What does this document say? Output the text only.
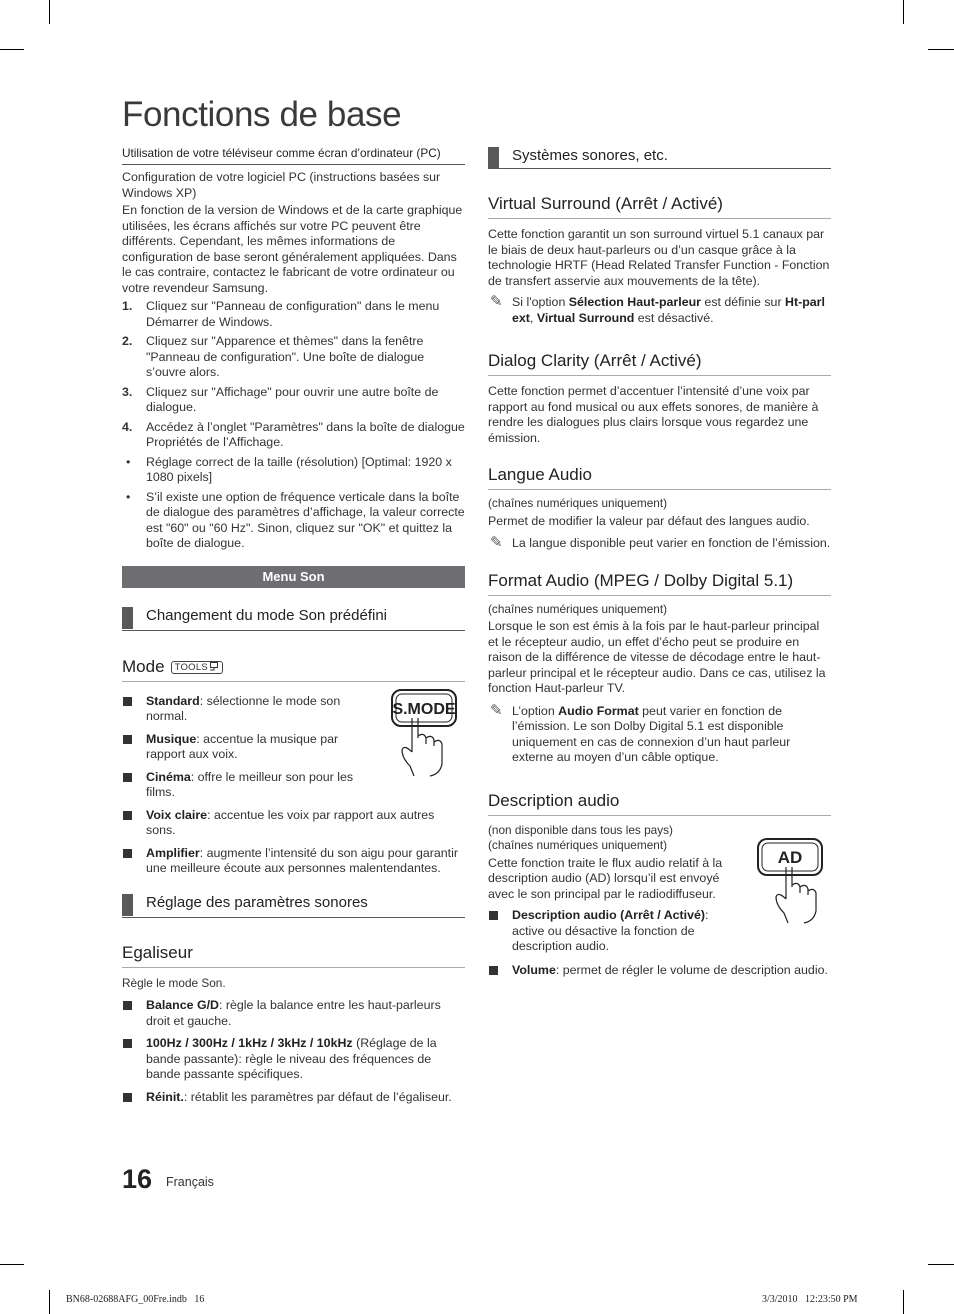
Fonctions de base
Utilisation de votre téléviseur comme écran d’ordinateur (PC)

Configuration de votre logiciel PC (instructions basées sur Windows XP)

En fonction de la version de Windows et de la carte graphique utilisées, les écrans affichés sur votre PC peuvent être différents. Cependant, les mêmes informations de configuration de base seront généralement appliquées. Dans le cas contraire, contactez le fabricant de votre ordinateur ou votre revendeur Samsung.

1. Cliquez sur "Panneau de configuration" dans le menu Démarrer de Windows.
2. Cliquez sur "Apparence et thèmes" dans la fenêtre "Panneau de configuration". Une boîte de dialogue s’ouvre alors.
3. Cliquez sur "Affichage" pour ouvrir une autre boîte de dialogue.
4. Accédez à l’onglet "Paramètres" dans la boîte de dialogue Propriétés de l’Affichage.
• Réglage correct de la taille (résolution) [Optimal: 1920 x 1080 pixels]
• S’il existe une option de fréquence verticale dans la boîte de dialogue des paramètres d’affichage, la valeur correcte est "60" ou "60 Hz". Sinon, cliquez sur "OK" et quittez la boîte de dialogue.
Menu Son
Changement du mode Son prédéfini
Mode TOOLS
Standard: sélectionne le mode son normal.
Musique: accentue la musique par rapport aux voix.
Cinéma: offre le meilleur son pour les films.
Voix claire: accentue les voix par rapport aux autres sons.
Amplifier: augmente l’intensité du son aigu pour garantir une meilleure écoute aux personnes malentendantes.
S.MODE
Réglage des paramètres sonores
Egaliseur

Règle le mode Son.

Balance G/D: règle la balance entre les haut-parleurs droit et gauche.
100Hz / 300Hz / 1kHz / 3kHz / 10kHz (Réglage de la bande passante): règle le niveau des fréquences de bande passante spécifiques.
Réinit.: rétablit les paramètres par défaut de l’égaliseur.
Systèmes sonores, etc.
Virtual Surround (Arrêt / Activé)

Cette fonction garantit un son surround virtuel 5.1 canaux par le biais de deux haut-parleurs ou d’un casque grâce à la technologie HRTF (Head Related Transfer Function - Fonction de transfert asservie aux mouvements de la tête).

✎ Si l'option Sélection Haut-parleur est définie sur Ht-parl ext, Virtual Surround est désactivé.
Dialog Clarity (Arrêt / Activé)

Cette fonction permet d’accentuer l’intensité d’une voix par rapport au fond musical ou aux effets sonores, de manière à rendre les dialogues plus clairs lorsque vous regardez une émission.

Langue Audio

(chaînes numériques uniquement)

Permet de modifier la valeur par défaut des langues audio.

✎ La langue disponible peut varier en fonction de l’émission.
Format Audio (MPEG / Dolby Digital 5.1)

(chaînes numériques uniquement)

Lorsque le son est émis à la fois par le haut-parleur principal et le récepteur audio, un effet d’écho peut se produire en raison de la différence de vitesse de décodage entre le haut-parleur principal et le récepteur audio. Dans ce cas, utilisez la fonction Haut-parleur TV.

✎ L’option Audio Format peut varier en fonction de l’émission. Le son Dolby Digital 5.1 est disponible uniquement en cas de connexion d’un haut parleur externe au moyen d’un câble optique.
Description audio

(non disponible dans tous les pays)

(chaînes numériques uniquement)

Cette fonction traite le flux audio relatif à la description audio (AD) lorsqu’il est envoyé avec le son principal par le radiodiffuseur.

AD
Description audio (Arrêt / Activé): active ou désactive la fonction de description audio.
Volume: permet de régler le volume de description audio.
16 Français
BN68-02688AFG_00Fre.indb   16	3/3/2010   12:23:50 PM
